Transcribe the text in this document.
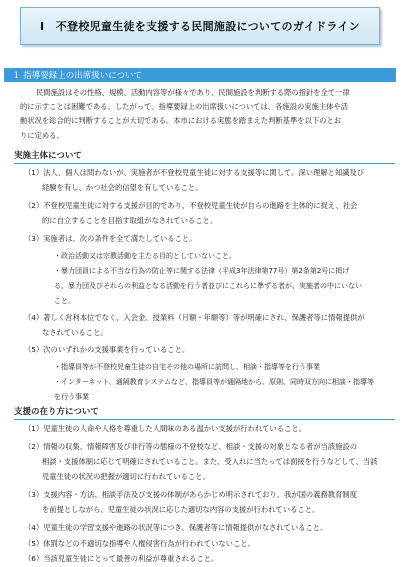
Ⅰ　不登校児童生徒を支援する民間施設についてのガイドライン
１ 指導要録上の出席扱いについて
民間施設はその性格、規模、活動内容等が様々であり、民間施設を判断する際の指針を全て一律
的に示すことは困難である。したがって、指導要録上の出席扱いについては、各施設の実施主体や活
動状況を総合的に判断することが大切である。本市における実態を踏まえた判断基準を以下のとお
りに定める。
実施主体について
（1）法人、個人は問わないが、実施者が不登校児童生徒に対する支援等に関して、深い理解と知識及び
経験を有し、かつ社会的信望を有していること。
（2）不登校児童生徒に対する支援が目的であり、不登校児童生徒が自らの進路を主体的に捉え、社会
的に自立することを目指す取組がなされていること。
（3）実施者は、次の条件を全て満たしていること。
・政治活動又は宗教活動を主たる目的としていないこと。
・暴力団員による不当な行為の防止等に関する法律（平成3年法律第77号）第2条第2号に掲げ
る、暴力団及びそれらの利益となる活動を行う者並びにこれらに準ずる者が、実施者の中にいない
こと。
（4）著しく営利本位でなく、入会金、授業料（月額・年額等）等が明確にされ、保護者等に情報提供が
なされていること。
（5）次のいずれかの支援事業を行っていること。
・指導員等が不登校児童生徒の自宅その他の場所に訪問し、相談・指導等を行う事業
・インターネット、通隔教育システムなど、指導員等が通隔地から、原則、同時双方向に相談・指導等
を行う事業
支援の在り方について
（1）児童生徒の人命や人格を尊重した人間味のある温かい支援が行われていること。
（2）情報の収集、情報障害及び非行等の態様の不登校など、相談・支援の対象となる者が当該施設の
相談・支援体制に応じて明確にされていること。また、受入れに当たっては面接を行うなどして、当該
児童生徒の状況の把握が適切に行われていること。
（3）支援内容・方法、相談手法及び支援の体制があらかじめ明示されており、我が国の義務教育制度
を前提としながら、児童生徒の状況に応じた適切な内容の支援が行われていること。
（4）児童生徒の学習支援や進路の状況等につき、保護者等に情報提供がなされていること。
（5）体罰などの不適切な指導や人権侵害行為が行われていないこと。
（6）当該児童生徒にとって最善の利益が尊重されること。
